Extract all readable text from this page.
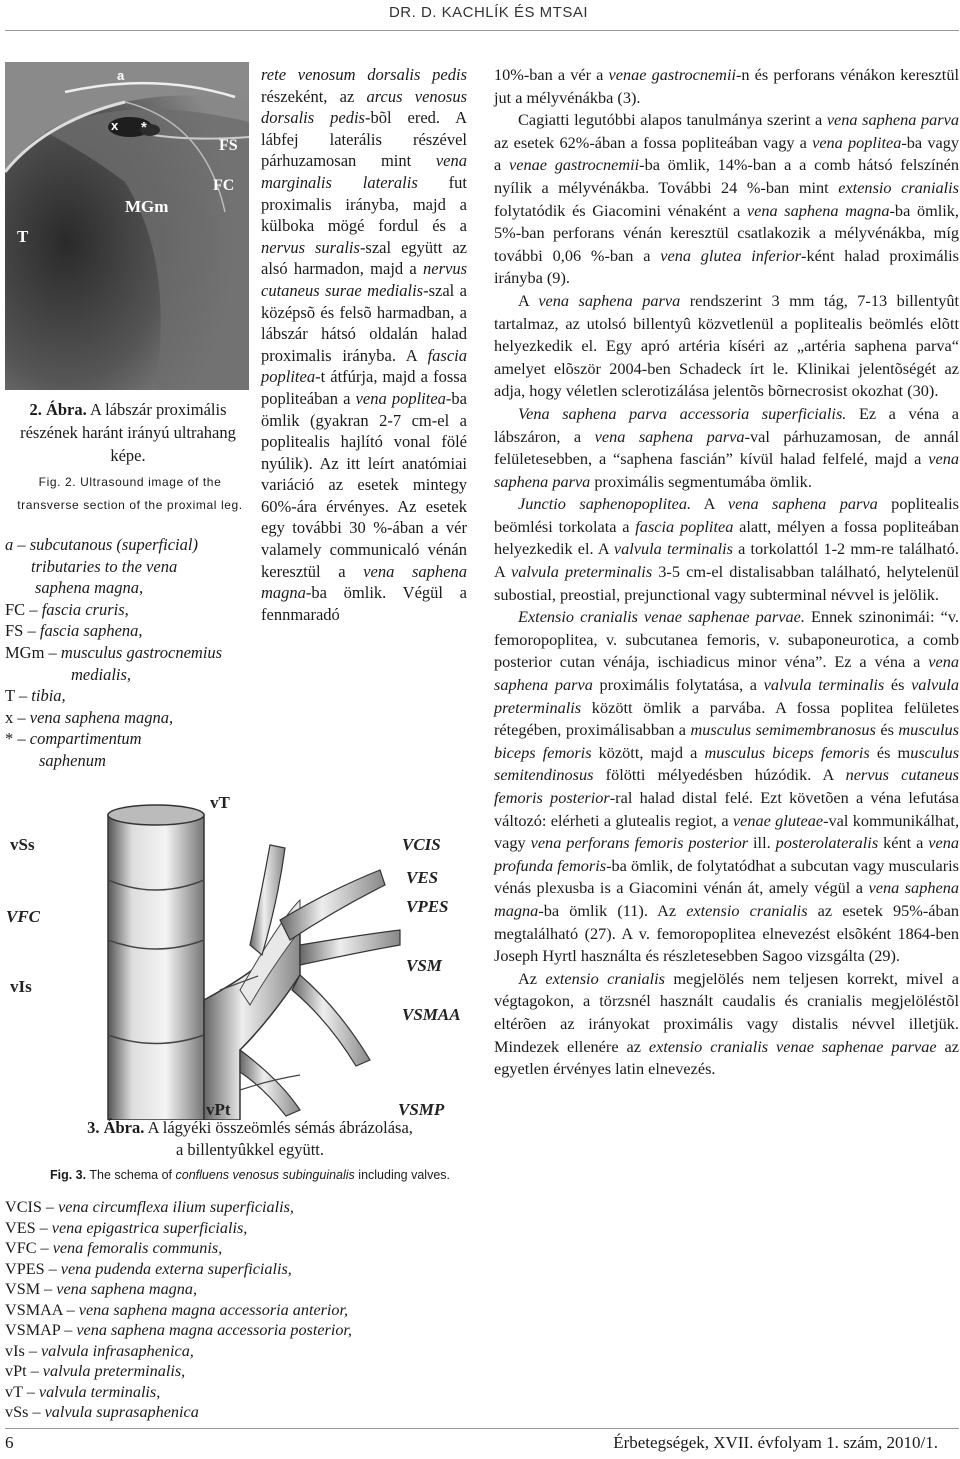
DR. D. KACHLÍK ÉS MTSAI
a
x *
FS
FC
MGm
T
2. Ábra. A lábszár proximális részének haránt irányú ultrahang képe.
Fig. 2. Ultrasound image of the
transverse section of the proximal leg.
a – subcutanous (superficial)
tributaries to the vena
saphena magna,
FC – fascia cruris,
FS – fascia saphena,
MGm – musculus gastrocnemius
medialis,
T – tibia,
x – vena saphena magna,
* – compartimentum
saphenum

rete venosum dorsalis pedis részeként, az arcus venosus dorsalis pedis-bõl ered. A lábfej laterális részével párhuzamosan mint vena marginalis lateralis fut proximalis irányba, majd a külboka mögé fordul és a nervus suralis-szal együtt az alsó harmadon, majd a nervus cutaneus surae medialis-szal a középsõ és felsõ harmadban, a lábszár hátsó oldalán halad proximalis irányba. A fascia poplitea-t átfúrja, majd a fossa popliteában a vena poplitea-ba ömlik (gyakran 2-7 cm-el a poplitealis hajlító vonal fölé nyúlik). Az itt leírt anatómiai variáció az esetek mintegy 60%-ára érvényes. Az esetek egy további 30 %-ában a vér valamely communicaló vénán keresztül a vena saphena magna-ba ömlik. Végül a fennmaradó

10%-ban a vér a venae gastrocnemii-n és perforans vénákon keresztül jut a mélyvénákba (3).

Cagiatti legutóbbi alapos tanulmánya szerint a vena saphena parva az esetek 62%-ában a fossa popliteában vagy a vena poplitea-ba vagy a venae gastrocnemii-ba ömlik, 14%-ban a a comb hátsó felszínén nyílik a mélyvénákba. További 24 %-ban mint extensio cranialis folytatódik és Giacomini vénaként a vena saphena magna-ba ömlik, 5%-ban perforans vénán keresztül csatlakozik a mélyvénákba, míg további 0,06 %-ban a vena glutea inferior-ként halad proximális irányba (9).

A vena saphena parva rendszerint 3 mm tág, 7-13 billentyût tartalmaz, az utolsó billentyû közvetlenül a poplitealis beömlés elõtt helyezkedik el. Egy apró artéria kíséri az „artéria saphena parva“ amelyet elõször 2004-ben Schadeck írt le. Klinikai jelentõségét az adja, hogy véletlen sclerotizálása jelentõs bõrnecrosist okozhat (30).

Vena saphena parva accessoria superficialis. Ez a véna a lábszáron, a vena saphena parva-val párhuzamosan, de annál felületesebben, a “saphena fascián” kívül halad felfelé, majd a vena saphena parva proximális segmentumába ömlik.

Junctio saphenopoplitea. A vena saphena parva poplitealis beömlési torkolata a fascia poplitea alatt, mélyen a fossa popliteában helyezkedik el. A valvula terminalis a torkolattól 1-2 mm-re található. A valvula preterminalis 3-5 cm-el distalisabban található, helytelenül subostial, preostial, prejunctional vagy subterminal névvel is jelölik.

Extensio cranialis venae saphenae parvae. Ennek szinonimái: “v. femoropoplitea, v. subcutanea femoris, v. subaponeurotica, a comb posterior cutan vénája, ischiadicus minor véna”. Ez a véna a vena saphena parva proximális folytatása, a valvula terminalis és valvula preterminalis között ömlik a parvába. A fossa poplitea felületes rétegében, proximálisabban a musculus semimembranosus és musculus biceps femoris között, majd a musculus biceps femoris és musculus semitendinosus fölötti mélyedésben húzódik. A nervus cutaneus femoris posterior-ral halad distal felé. Ezt követõen a véna lefutása változó: elérheti a glutealis regiot, a venae gluteae-val kommunikálhat, vagy vena perforans femoris posterior ill. posterolateralis ként a vena profunda femoris-ba ömlik, de folytatódhat a subcutan vagy muscularis vénás plexusba is a Giacomini vénán át, amely végül a vena saphena magna-ba ömlik (11). Az extensio cranialis az esetek 95%-ában megtalálható (27). A v. femoropoplitea elnevezést elsõként 1864-ben Joseph Hyrtl használta és részletesebben Sagoo vizsgálta (29).

Az extensio cranialis megjelölés nem teljesen korrekt, mivel a végtagokon, a törzsnél használt caudalis és cranialis megjelöléstõl eltérõen az irányokat proximális vagy distalis névvel illetjük. Mindezek ellenére az extensio cranialis venae saphenae parvae az egyetlen érvényes latin elnevezés.

vSs
VFC
vIs
vT
vPt
VCIS
VES
VPES
VSM
VSMAA
VSMP
3. Ábra. A lágyéki összeömlés sémás ábrázolása,
a billentyûkkel együtt.
Fig. 3. The schema of confluens venosus subinguinalis including valves.
VCIS – vena circumflexa ilium superficialis,
VES – vena epigastrica superficialis,
VFC – vena femoralis communis,
VPES – vena pudenda externa superficialis,
VSM – vena saphena magna,
VSMAA – vena saphena magna accessoria anterior,
VSMAP – vena saphena magna accessoria posterior,
vIs – valvula infrasaphenica,
vPt – valvula preterminalis,
vT – valvula terminalis,
vSs – valvula suprasaphenica
6	Érbetegségek, XVII. évfolyam 1. szám, 2010/1.
